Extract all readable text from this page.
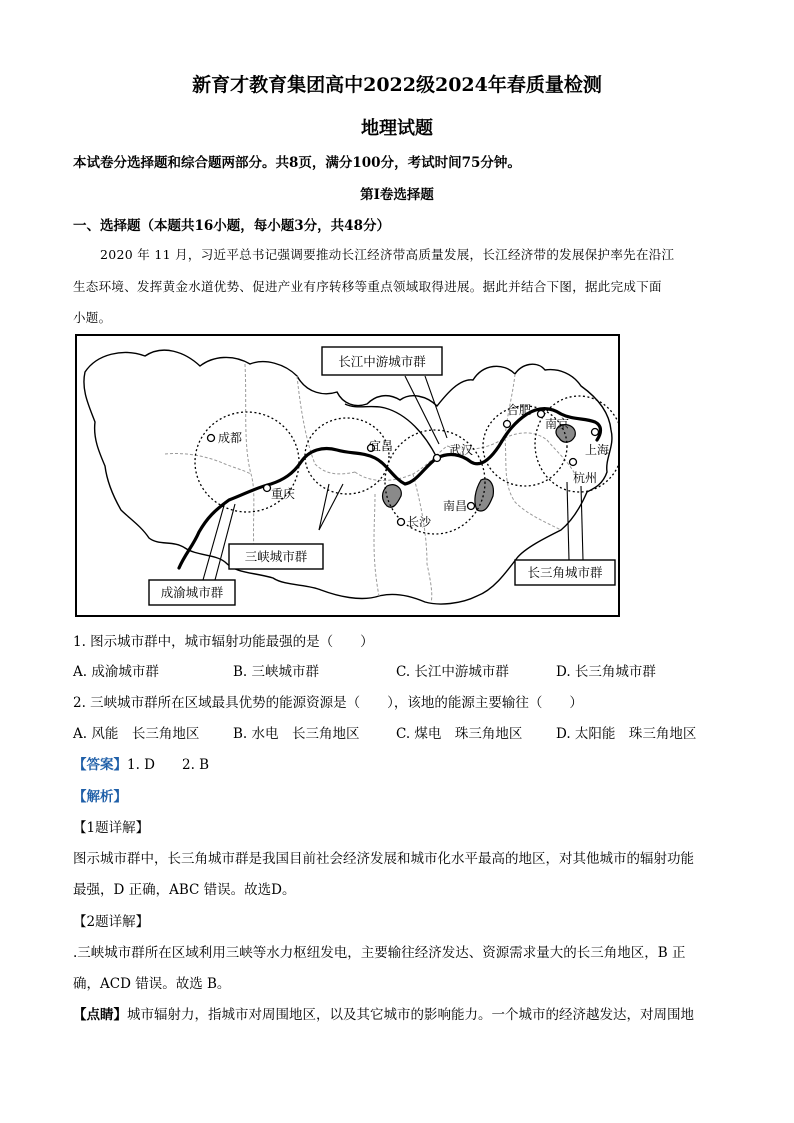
新育才教育集团高中2022级2024年春质量检测
地理试题
本试卷分选择题和综合题两部分。共8页，满分100分，考试时间75分钟。
第Ⅰ卷选择题
一、选择题（本题共16小题，每小题3分，共48分）
2020 年 11 月，习近平总书记强调要推动长江经济带高质量发展，长江经济带的发展保护率先在沿江
生态环境、发挥黄金水道优势、促进产业有序转移等重点领域取得进展。据此并结合下图，据此完成下面
小题。
成都
重庆
宜昌	武汉
长沙
南昌
合肥
南京
上海
杭州
长江中游城市群
三峡城市群
成渝城市群
长三角城市群
1. 图示城市群中，城市辐射功能最强的是（　　）
A. 成渝城市群	B. 三峡城市群	C. 长江中游城市群	D. 长三角城市群
2. 三峡城市群所在区域最具优势的能源资源是（　　），该地的能源主要输往（　　）
A. 风能　长三角地区 B. 水电　长三角地区	C. 煤电　珠三角地区 D. 太阳能　珠三角地区
【答案】1. D　　2. B
【解析】
【1题详解】
图示城市群中，长三角城市群是我国目前社会经济发展和城市化水平最高的地区，对其他城市的辐射功能
最强，D 正确，ABC 错误。故选D。
【2题详解】
.三峡城市群所在区域利用三峡等水力枢纽发电，主要输往经济发达、资源需求量大的长三角地区，B 正
确，ACD 错误。故选 B。
【点睛】城市辐射力，指城市对周围地区，以及其它城市的影响能力。一个城市的经济越发达，对周围地
